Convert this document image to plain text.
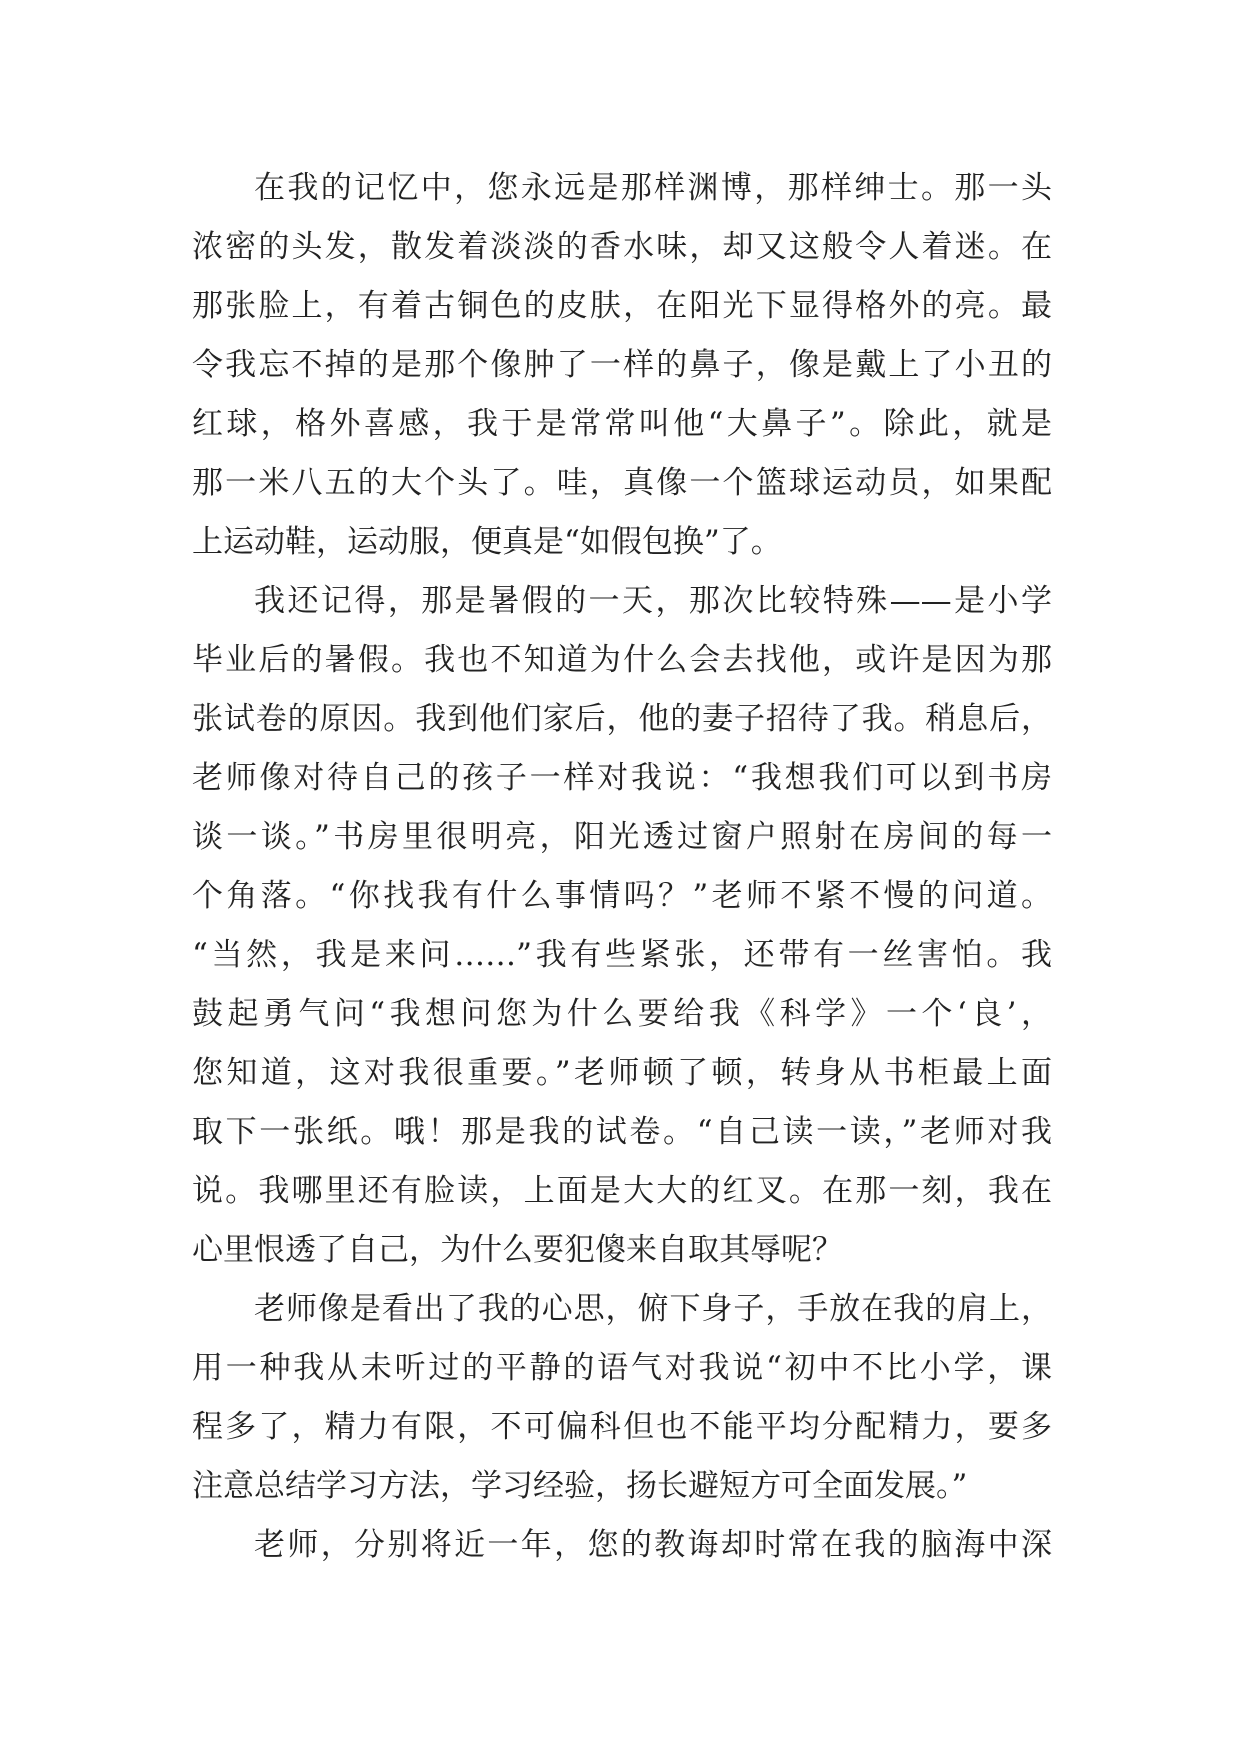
在我的记忆中，您永远是那样渊博，那样绅士。那一头
浓密的头发，散发着淡淡的香水味，却又这般令人着迷。在
那张脸上，有着古铜色的皮肤，在阳光下显得格外的亮。最
令我忘不掉的是那个像肿了一样的鼻子，像是戴上了小丑的
红球，格外喜感，我于是常常叫他“大鼻子”。除此，就是
那一米八五的大个头了。哇，真像一个篮球运动员，如果配
上运动鞋，运动服，便真是“如假包换”了。
我还记得，那是暑假的一天，那次比较特殊——是小学
毕业后的暑假。我也不知道为什么会去找他，或许是因为那
张试卷的原因。我到他们家后，他的妻子招待了我。稍息后，
老师像对待自己的孩子一样对我说：“我想我们可以到书房
谈一谈。”书房里很明亮，阳光透过窗户照射在房间的每一
个角落。“你找我有什么事情吗？”老师不紧不慢的问道。
“当然，我是来问……”我有些紧张，还带有一丝害怕。我
鼓起勇气问“我想问您为什么要给我《科学》一个‘良’，
您知道，这对我很重要。”老师顿了顿，转身从书柜最上面
取下一张纸。哦！那是我的试卷。“自己读一读，”老师对我
说。我哪里还有脸读，上面是大大的红叉。在那一刻，我在
心里恨透了自己，为什么要犯傻来自取其辱呢？
老师像是看出了我的心思，俯下身子，手放在我的肩上，
用一种我从未听过的平静的语气对我说“初中不比小学，课
程多了，精力有限，不可偏科但也不能平均分配精力，要多
注意总结学习方法，学习经验，扬长避短方可全面发展。”
老师，分别将近一年，您的教诲却时常在我的脑海中深
